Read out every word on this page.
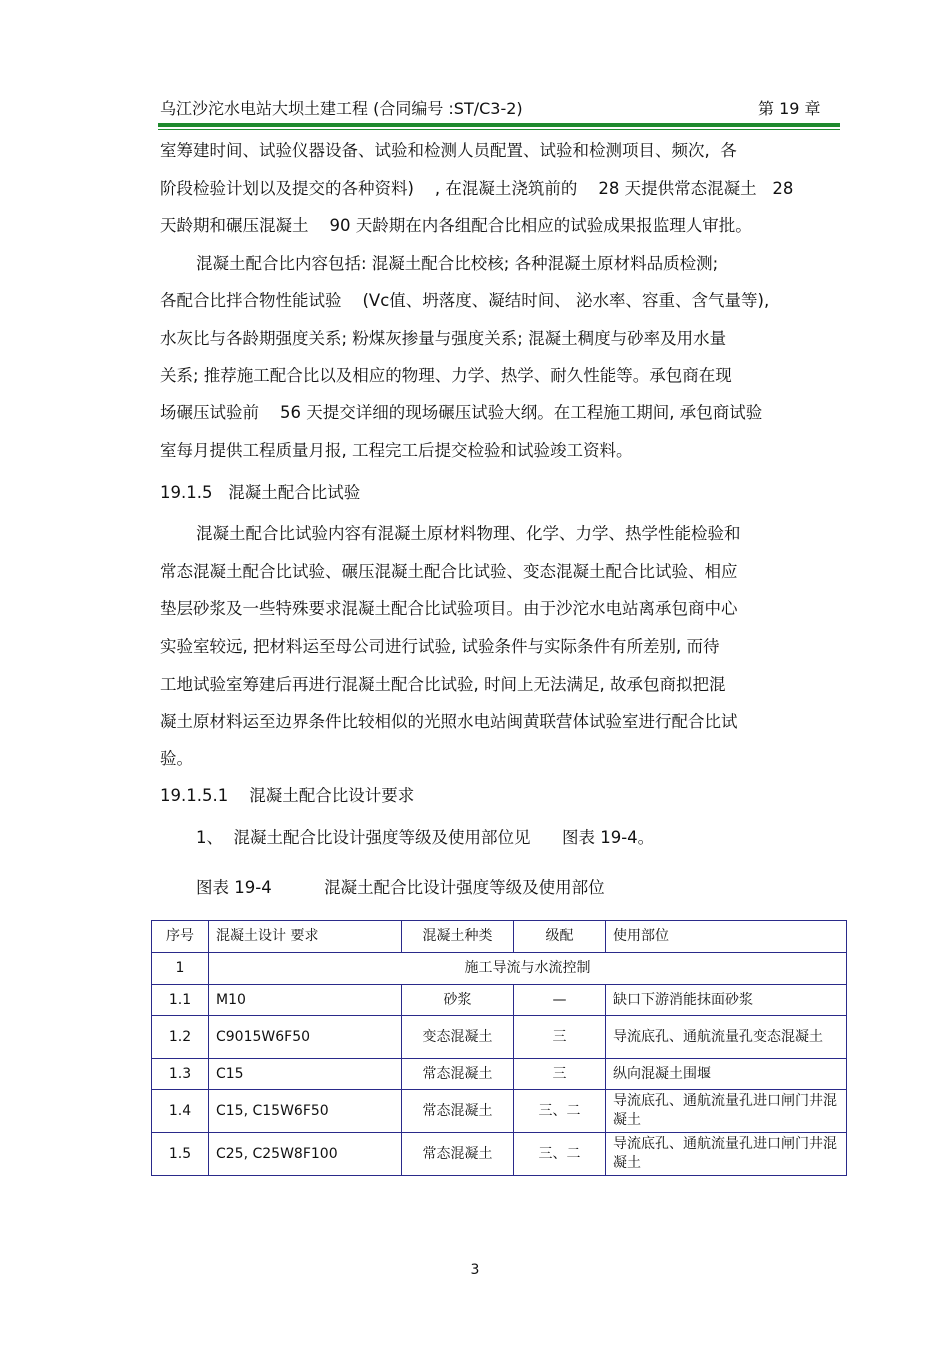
乌江沙沱水电站大坝土建工程 (合同编号 :ST/C3-2)	第 19 章
室筹建时间、试验仪器设备、试验和检测人员配置、试验和检测项目、频次,  各
阶段检验计划以及提交的各种资料)    , 在混凝土浇筑前的    28 天提供常态混凝土   28
天龄期和碾压混凝土    90 天龄期在内各组配合比相应的试验成果报监理人审批。
混凝土配合比内容包括: 混凝土配合比校核; 各种混凝土原材料品质检测;
各配合比拌合物性能试验    (Vc值、坍落度、凝结时间、 泌水率、容重、含气量等),
水灰比与各龄期强度关系; 粉煤灰掺量与强度关系; 混凝土稠度与砂率及用水量
关系; 推荐施工配合比以及相应的物理、力学、热学、耐久性能等。承包商在现
场碾压试验前    56 天提交详细的现场碾压试验大纲。在工程施工期间, 承包商试验
室每月提供工程质量月报, 工程完工后提交检验和试验竣工资料。
19.1.5   混凝土配合比试验
混凝土配合比试验内容有混凝土原材料物理、化学、力学、热学性能检验和
常态混凝土配合比试验、碾压混凝土配合比试验、变态混凝土配合比试验、相应
垫层砂浆及一些特殊要求混凝土配合比试验项目。由于沙沱水电站离承包商中心
实验室较远, 把材料运至母公司进行试验, 试验条件与实际条件有所差别, 而待
工地试验室筹建后再进行混凝土配合比试验, 时间上无法满足, 故承包商拟把混
凝土原材料运至边界条件比较相似的光照水电站闽黄联营体试验室进行配合比试
验。
19.1.5.1    混凝土配合比设计要求
1、  混凝土配合比设计强度等级及使用部位见      图表 19-4。
图表 19-4          混凝土配合比设计强度等级及使用部位
序号	混凝土设计 要求	混凝土种类	级配	使用部位
1	施工导流与水流控制			
1.1	M10	砂浆	—	缺口下游消能抹面砂浆
1.2	C9015W6F50	变态混凝土	三	导流底孔、通航流量孔变态混凝土
1.3	C15	常态混凝土	三	纵向混凝土围堰
1.4	C15, C15W6F50	常态混凝土	三、二	导流底孔、通航流量孔进口闸门井混凝土
1.5	C25, C25W8F100	常态混凝土	三、二	导流底孔、通航流量孔进口闸门井混凝土
3
